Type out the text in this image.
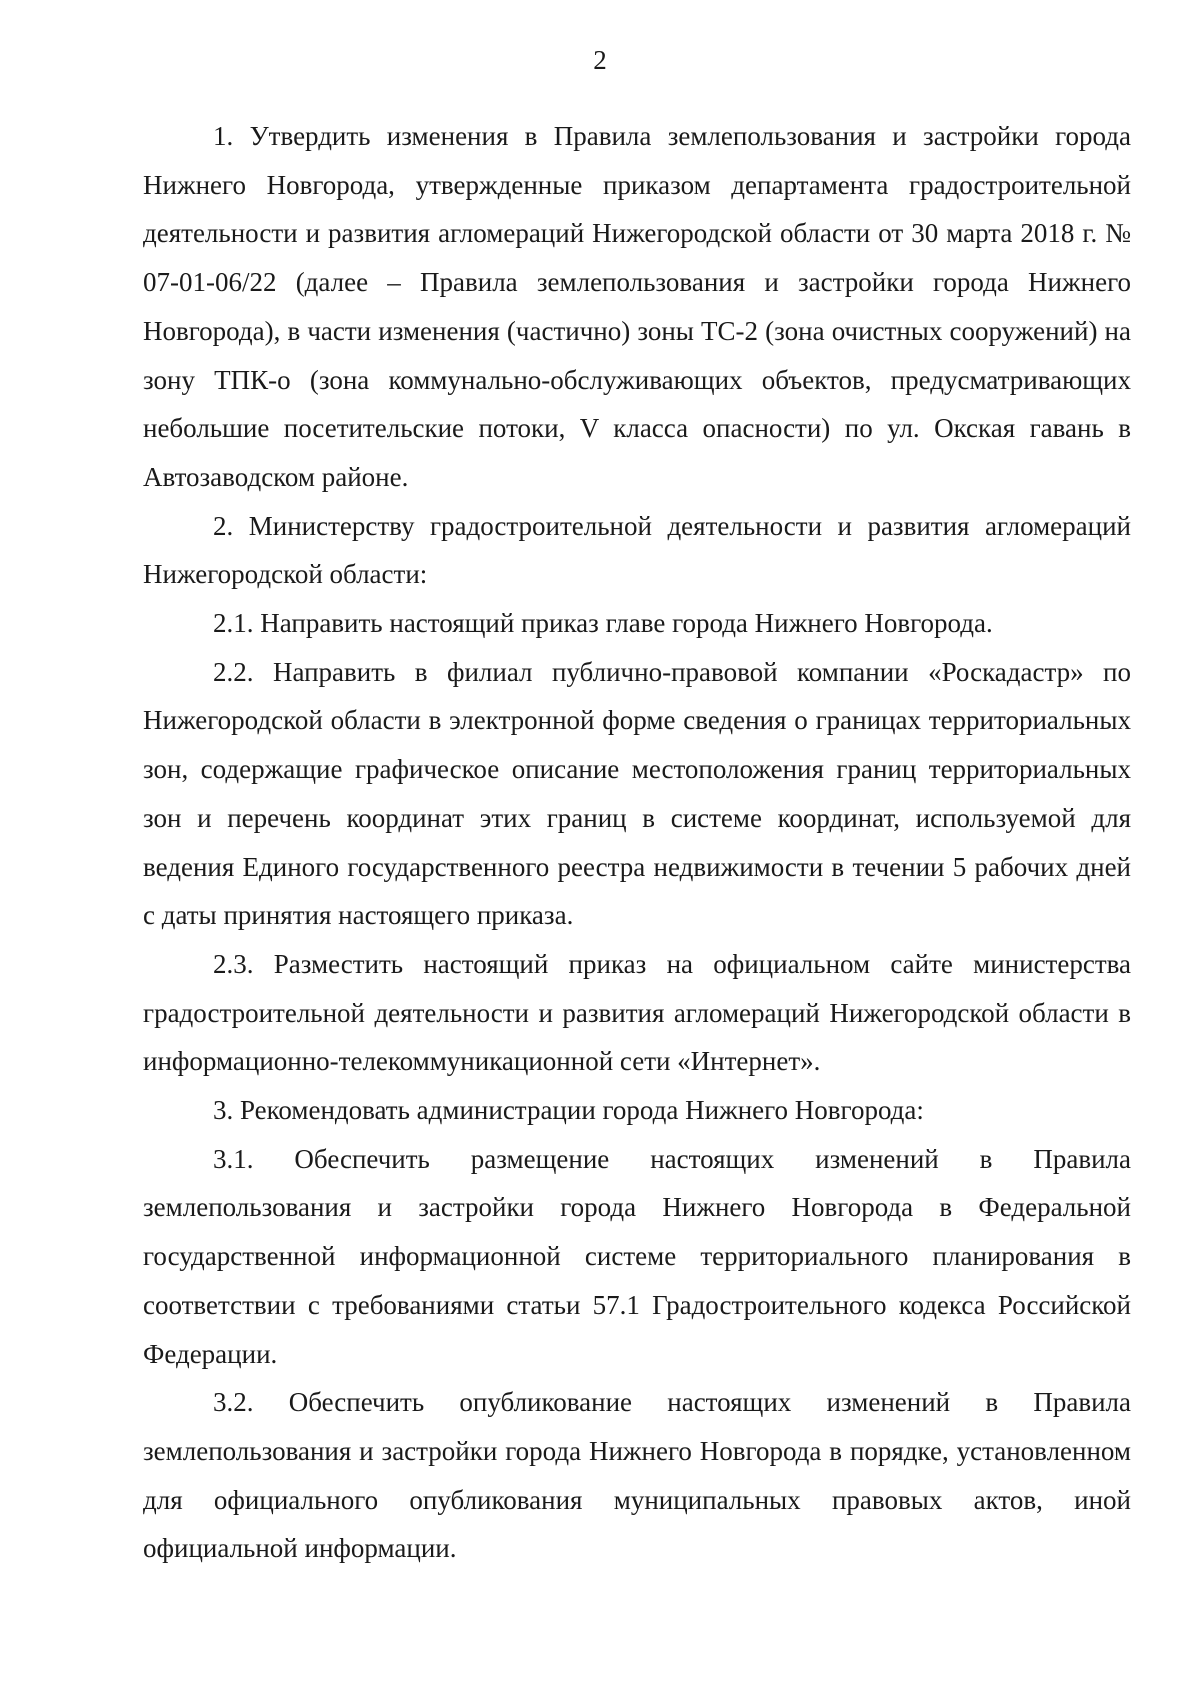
2

1. Утвердить изменения в Правила землепользования и застройки города Нижнего Новгорода, утвержденные приказом департамента градостроительной деятельности и развития агломераций Нижегородской области от 30 марта 2018 г. № 07-01-06/22 (далее – Правила землепользования и застройки города Нижнего Новгорода), в части изменения (частично) зоны ТС-2 (зона очистных сооружений) на зону ТПК-о (зона коммунально-обслуживающих объектов, предусматривающих небольшие посетительские потоки, V класса опасности) по ул. Окская гавань в Автозаводском районе.

2. Министерству градостроительной деятельности и развития агломераций Нижегородской области:

2.1. Направить настоящий приказ главе города Нижнего Новгорода.

2.2. Направить в филиал публично-правовой компании «Роскадастр» по Нижегородской области в электронной форме сведения о границах территориальных зон, содержащие графическое описание местоположения границ территориальных зон и перечень координат этих границ в системе координат, используемой для ведения Единого государственного реестра недвижимости в течении 5 рабочих дней с даты принятия настоящего приказа.

2.3. Разместить настоящий приказ на официальном сайте министерства градостроительной деятельности и развития агломераций Нижегородской области в информационно-телекоммуникационной сети «Интернет».

3. Рекомендовать администрации города Нижнего Новгорода:

3.1. Обеспечить размещение настоящих изменений в Правила землепользования и застройки города Нижнего Новгорода в Федеральной государственной информационной системе территориального планирования в соответствии с требованиями статьи 57.1 Градостроительного кодекса Российской Федерации.

3.2. Обеспечить опубликование настоящих изменений в Правила землепользования и застройки города Нижнего Новгорода в порядке, установленном для официального опубликования муниципальных правовых актов, иной официальной информации.
